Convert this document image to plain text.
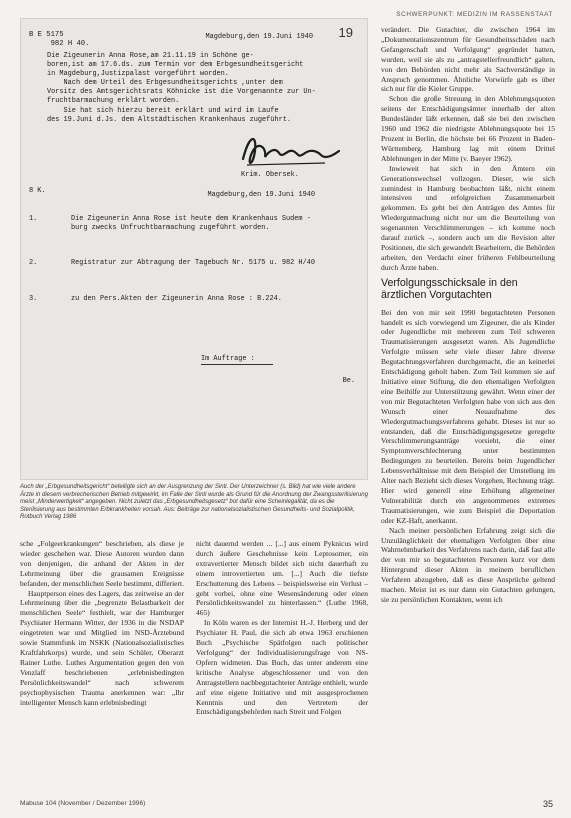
SCHWERPUNKT: MEDIZIN IM RASSENSTAAT
19
B E 5175
982 H 40.
Magdeburg,den 19.Juni 1940
Die Zigeunerin Anna Rose,am 21.11.19 in Schöne ge-
boren,ist am 17.6.ds. zum Termin vor dem Erbgesundheitsgericht
in Magdeburg,Justizpalast vorgeführt worden.
Nach dem Urteil des Erbgesundheitsgerichts ,unter dem
Vorsitz des Amtsgerichtsrats Köhnicke ist die Vorgenannte zur Un-
fruchtbarmachung erklärt worden.
Sie hat sich hierzu bereit erklärt und wird im Laufe
des 19.Juni d.Js. dem Altstädtischen Krankenhaus zugeführt.
Krim. Obersek.
8 K.	Magdeburg,den 19.Juni 1940
1.	Die Zigeunerin Anna Rose ist heute dem Krankenhaus Sudem -
burg zwecks Unfruchtbarmachung zugeführt worden.
2.	Registratur zur Abtragung der Tagebuch Nr. 5175 u. 982 H/40
3.	zu den Pers.Akten der Zigeunerin Anna Rose : B.224.
Im Auftrage :
Be.
Auch der „Erbgesundheitsgericht“ beteiligte sich an der Ausgrenzung der Sinti. Der Unterzeichner (s. Bild) hat wie viele andere Ärzte in diesem verbrecherischen Betrieb mitgewirkt, im Falle der Sinti wurde als Grund für die Anordnung der Zwangssterilisierung meist „Minderwertigkeit“ angegeben. Nicht zuletzt das „Erbgesundheitsgesetz“ bot dafür eine Scheinlegalität, da es die Sterilisierung aus bestimmten Erbkrankheiten vorsah. Aus: Beiträge zur nationalsozialistischen Gesundheits- und Sozialpolitik, Rotbuch Verlag 1986

sche „Folgeerkrankungen“ beschrieben, als diese je wieder geschehen war. Diese Autoren wurden dann von denjenigen, die anhand der Akten in der Lehrmeinung über die grausamen Ereignisse befanden, der menschlichen Seele bestimmt, differiert.

Hauptperson eines des Lagers, das zeitweise an der Lehrmeinung über die „begrenzte Belastbarkeit der menschlichen Seele“ festhielt, war der Hamburger Psychiater Hermann Witter, der 1936 in die NSDAP eingetreten war und Mitglied im NSD-Ärztebund sowie Stammfunk im NSKK (Nationalsozialistisches Kraftfahrkorps) wurde, und sein Schüler, Oberarzt Rainer Luthe. Luthes Argumentation gegen den von Venzlaff beschriebenen „erlebnisbedingten Persönlichkeitswandel“ nach schwerem psychophysischen Trauma anerkennen war: „Ihr intelligenter Mensch kann erlebnisbedingt

nicht dauernd werden ... [...] aus einem Pyknicus wird durch äußere Geschehnisse kein Leptosomer, ein extravertierter Mensch bildet sich nicht dauerhaft zu einem introvertierten um. [...] Auch die tiefste Erschutterung des Lebens – beispielsweise ein Verlust – geht vorbei, ohne eine Wesensänderung oder einen Persönlichkeitswandel zu hinterlassen.“ (Luthe 1968, 465)

In Köln waren es der Internist H.-J. Herberg und der Psychiater H. Paul, die sich ab etwa 1963 erschienen Buch „Psychische Spätfolgen nach politischer Verfolgung“ der Individualisierungsfrage von NS-Opfern widmeten. Das Buch, das unter anderem eine kritische Analyse abgeschlossener und von den Antragstellern nachbegutachteter Anträge enthielt, wurde auf eine eigene Initiative und mit ausgesprochenen Kenntnis und den Vertretern der Entschädigungsbehörden nach Streit und Folgen

verändert. Die Gutachter, die zwischen 1964 im „Dokumentationszentrum für Gesundheitsschäden nach Gefangenschaft und Verfolgung“ gegründet hatten, wurden, weil sie als zu „antragstellerfreundlich“ galten, von den Behörden nicht mehr als Sachverständige in Anspruch genommen. Ähnliche Vorwürfe gab es über sich nur für die Kieler Gruppe.

Schon die große Streuung in den Ablehnungsquoten seitens der Entschädigungsämter innerhalb der alten Bundesländer läßt erkennen, daß sie bei den zwischen 1960 und 1962 die niedrigste Ablehnungsquote bei 15 Prozent in Berlin, die höchste bei 66 Prozent in Baden-Württemberg. Hamburg lag mit einem Drittel Ablehnungen in der Mitte (v. Baeyer 1962).

Inwieweit hat sich in den Ämtern ein Generationswechsel vollzogen. Dieser, wie sich zumindest in Hamburg beobachten läßt, nicht einem intensiven und erfolgreichen Zusammenarbeit gekommen. Es geht bei den Anträgen des Amtes für Wiedergutmachung nicht nur um die Beurteilung von sogenannten Verschlimmerungen – ich komme noch darauf zurück –, sondern auch um die Revision alter Positionen, die sich gewandelt Bearbeitern, die Behörden arbeiten, den Verdacht einer früheren Fehlbeurteilung durch Ärzte haben.

Verfolgungsschicksale in den ärztlichen Vorgutachten

Bei den von mir seit 1990 begutachteten Personen handelt es sich vorwiegend um Zigeuner, die als Kinder oder Jugendliche mit mehreren zum Teil schweren Traumatisierungen ausgesetzt waren. Als Jugendliche Verfolgte müssen sehr viele dieser Jahre diverse Begutachtungsverfahren durchgemacht, die an keinerlei Entschädigung geholt haben. Zum Teil kommen sie auf Initiative einer Stiftung, die den ehemaligen Verfolgten eine Beihilfe zur Unterstützung gewährt. Wenn einer der von mir Begutachteten Verfolgten habe von sich aus den Wunsch einer Neuaufnahme des Wiedergutmachungsverfahrens gehabt. Dieses ist nur so entstanden, daß die Entschädigungsgesetze geregelte Verschlimmerungsanträge vorsieht, die einer Symptomverschlechterung unter bestimmten Bedingungen zu beurteilen. Bereits beim Jugendlicher Lebensverhältnisse mit dem Beispiel der Umstellung im Alter nach Bezieht sich dieses Vorgehen, Rechnung trägt. Hier wird generell eine Erhöhung allgemeiner Vulnerabilität durch ein angenommenes extremes Traumatisierungen, wie zum Beispiel die Deportation oder KZ-Haft, anerkannt.

Nach meiner persönlichen Erfahrung zeigt sich die Unzulänglichkeit der ehemaligen Verfolgten über eine Wahrnehmbarkeit des Verfahrens nach darin, daß fast alle der von mir so begutachteten Personen kurz vor dem Hintergrund dieser Akten in meinem beruflichen Verfahren abzugeben, daß es diese Ansprüche geltend machen. Meist ist es nur dann ein Gutachten gelungen, sie zu persönlichen Kontakten, wenn ich

Mabuse 104 (November / Dezember 1996)	35
